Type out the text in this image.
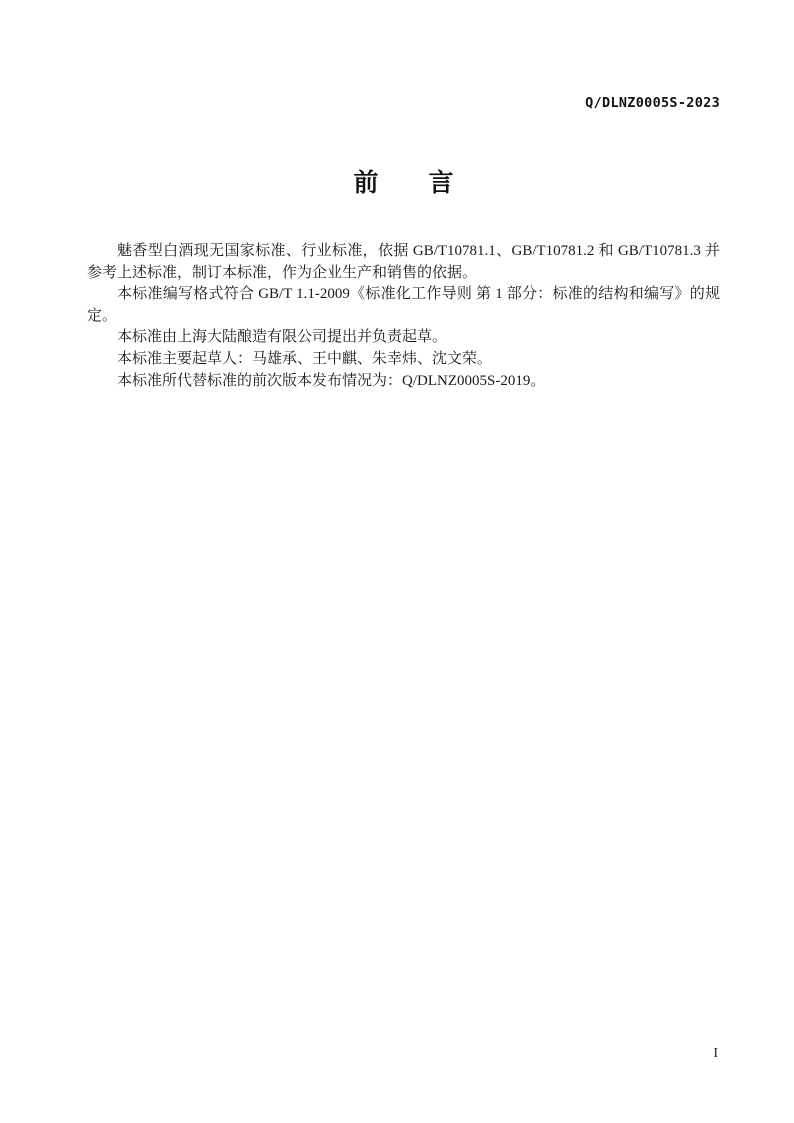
Q/DLNZ0005S-2023
前　　言

魅香型白酒现无国家标准、行业标准，依据 GB/T10781.1、GB/T10781.2 和 GB/T10781.3 并参考上述标准，制订本标准，作为企业生产和销售的依据。

本标准编写格式符合 GB/T 1.1-2009《标准化工作导则 第 1 部分：标准的结构和编写》的规定。

本标准由上海大陆酿造有限公司提出并负责起草。

本标准主要起草人：马雄承、王中麒、朱幸炜、沈文荣。

本标准所代替标准的前次版本发布情况为：Q/DLNZ0005S-2019。

I
